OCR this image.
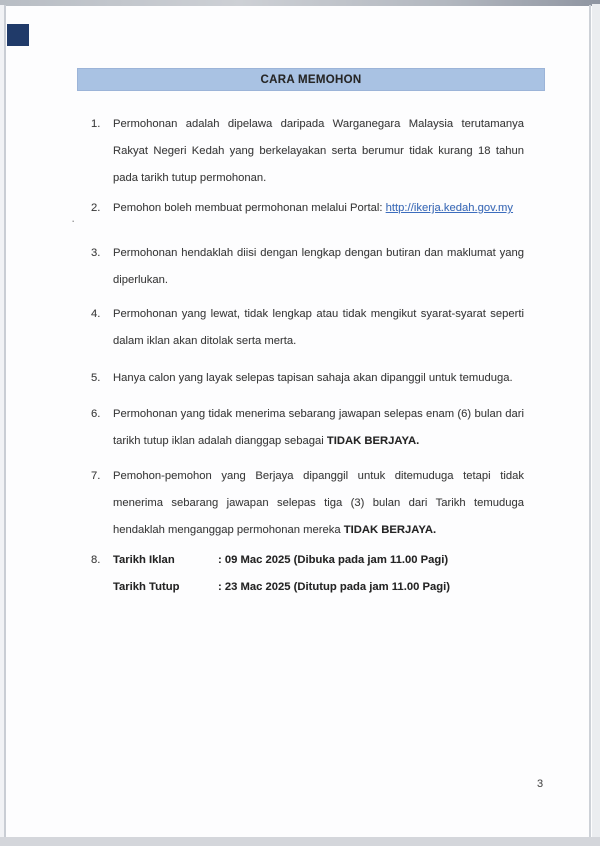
CARA MEMOHON
1.	Permohonan adalah dipelawa daripada Warganegara Malaysia terutamanya
Rakyat Negeri Kedah yang berkelayakan serta berumur tidak kurang 18 tahun
pada tarikh tutup permohonan.
2.	Pemohon boleh membuat permohonan melalui Portal: http://ikerja.kedah.gov.my
·
3.	Permohonan hendaklah diisi dengan lengkap dengan butiran dan maklumat yang
diperlukan.
4.	Permohonan yang lewat, tidak lengkap atau tidak mengikut syarat-syarat seperti
dalam iklan akan ditolak serta merta.
5.	Hanya calon yang layak selepas tapisan sahaja akan dipanggil untuk temuduga.
6.	Permohonan yang tidak menerima sebarang jawapan selepas enam (6) bulan dari
tarikh tutup iklan adalah dianggap sebagai TIDAK BERJAYA.
7.	Pemohon-pemohon yang Berjaya dipanggil untuk ditemuduga tetapi tidak
menerima sebarang jawapan selepas tiga (3) bulan dari Tarikh temuduga
hendaklah menganggap permohonan mereka TIDAK BERJAYA.
8.	Tarikh Iklan	: 09 Mac 2025 (Dibuka pada jam 11.00 Pagi)
Tarikh Tutup	: 23 Mac 2025 (Ditutup pada jam 11.00 Pagi)
3
